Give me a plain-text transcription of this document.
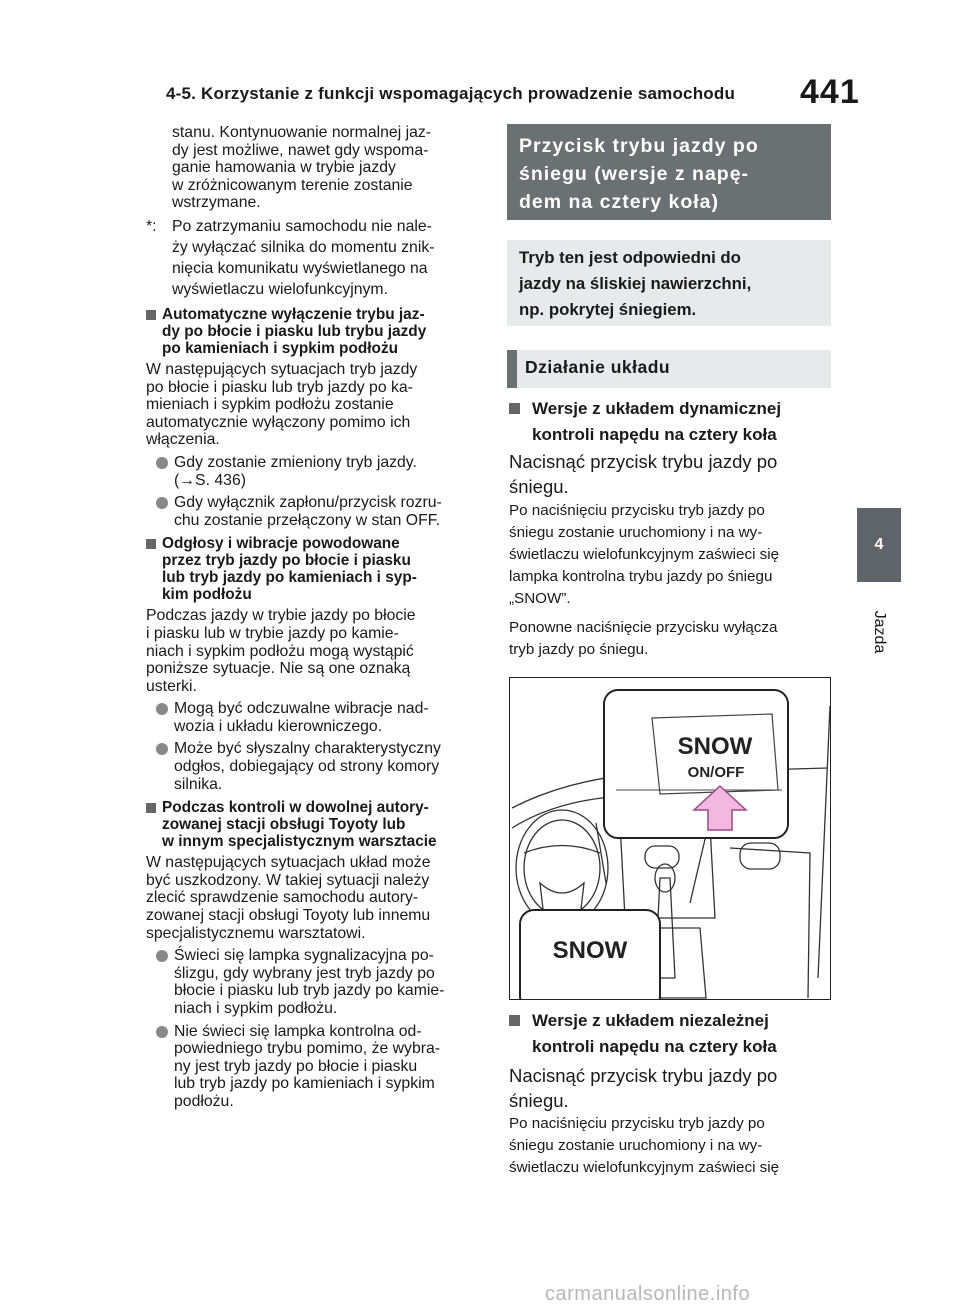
4-5. Korzystanie z funkcji wspomagających prowadzenie samochodu 441
4
Jazda

stanu. Kontynuowanie normalnej jaz-
dy jest możliwe, nawet gdy wspoma-
ganie hamowania w trybie jazdy
w zróżnicowanym terenie zostanie
wstrzymane.

*: Po zatrzymaniu samochodu nie nale-
ży wyłączać silnika do momentu znik-
nięcia komunikatu wyświetlanego na
wyświetlaczu wielofunkcyjnym.
Automatyczne wyłączenie trybu jaz-
dy po błocie i piasku lub trybu jazdy
po kamieniach i sypkim podłożu

W następujących sytuacjach tryb jazdy
po błocie i piasku lub tryb jazdy po ka-
mieniach i sypkim podłożu zostanie
automatycznie wyłączony pomimo ich
włączenia.

Gdy zostanie zmieniony tryb jazdy.
(→S. 436)
Gdy wyłącznik zapłonu/przycisk rozru-
chu zostanie przełączony w stan OFF.
Odgłosy i wibracje powodowane
przez tryb jazdy po błocie i piasku
lub tryb jazdy po kamieniach i syp-
kim podłożu

Podczas jazdy w trybie jazdy po błocie
i piasku lub w trybie jazdy po kamie-
niach i sypkim podłożu mogą wystąpić
poniższe sytuacje. Nie są one oznaką
usterki.

Mogą być odczuwalne wibracje nad-
wozia i układu kierowniczego.
Może być słyszalny charakterystyczny
odgłos, dobiegający od strony komory
silnika.
Podczas kontroli w dowolnej autory-
zowanej stacji obsługi Toyoty lub
w innym specjalistycznym warsztacie

W następujących sytuacjach układ może
być uszkodzony. W takiej sytuacji należy
zlecić sprawdzenie samochodu autory-
zowanej stacji obsługi Toyoty lub innemu
specjalistycznemu warsztatowi.

Świeci się lampka sygnalizacyjna po-
ślizgu, gdy wybrany jest tryb jazdy po
błocie i piasku lub tryb jazdy po kamie-
niach i sypkim podłożu.
Nie świeci się lampka kontrolna od-
powiedniego trybu pomimo, że wybra-
ny jest tryb jazdy po błocie i piasku
lub tryb jazdy po kamieniach i sypkim
podłożu.
Przycisk trybu jazdy po
śniegu (wersje z napę-
dem na cztery koła)
Tryb ten jest odpowiedni do
jazdy na śliskiej nawierzchni,
np. pokrytej śniegiem.
Działanie układu
Wersje z układem dynamicznej
kontroli napędu na cztery koła
Nacisnąć przycisk trybu jazdy po
śniegu.
Po naciśnięciu przycisku tryb jazdy po
śniegu zostanie uruchomiony i na wy-
świetlaczu wielofunkcyjnym zaświeci się
lampka kontrolna trybu jazdy po śniegu
„SNOW”.
Ponowne naciśnięcie przycisku wyłącza
tryb jazdy po śniegu.
SNOW
ON/OFF
SNOW
Wersje z układem niezależnej
kontroli napędu na cztery koła
Nacisnąć przycisk trybu jazdy po
śniegu.
Po naciśnięciu przycisku tryb jazdy po
śniegu zostanie uruchomiony i na wy-
świetlaczu wielofunkcyjnym zaświeci się
carmanualsonline.info
